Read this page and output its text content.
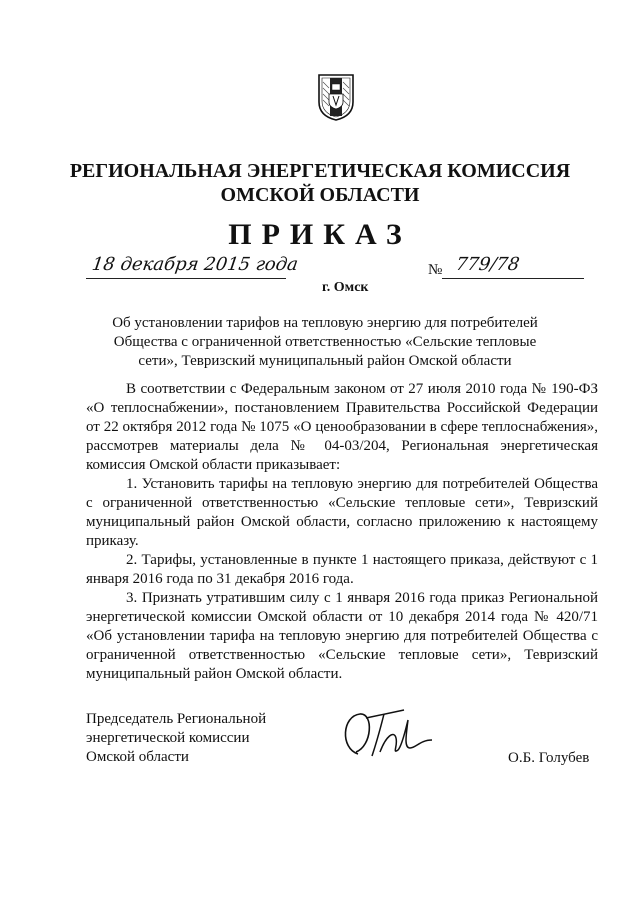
РЕГИОНАЛЬНАЯ ЭНЕРГЕТИЧЕСКАЯ КОМИССИЯ
ОМСКОЙ ОБЛАСТИ
ПРИКАЗ
18 декабря 2015 года
г. Омск
№ 779/78
Об установлении тарифов на тепловую энергию для потребителей
Общества с ограниченной ответственностью «Сельские тепловые
сети», Тевризский муниципальный район Омской области

В соответствии с Федеральным законом от 27 июля 2010 года № 190-ФЗ «О теплоснабжении», постановлением Правительства Российской Федерации от 22 октября 2012 года № 1075 «О ценообразовании в сфере теплоснабжения», рассмотрев материалы дела № 04-03/204, Региональная энергетическая комиссия Омской области приказывает:

1. Установить тарифы на тепловую энергию для потребителей Общества с ограниченной ответственностью «Сельские тепловые сети», Тевризский муниципальный район Омской области, согласно приложению к настоящему приказу.

2. Тарифы, установленные в пункте 1 настоящего приказа, действуют с 1 января 2016 года по 31 декабря 2016 года.

3. Признать утратившим силу с 1 января 2016 года приказ Региональной энергетической комиссии Омской области от 10 декабря 2014 года № 420/71 «Об установлении тарифа на тепловую энергию для потребителей Общества с ограниченной ответственностью «Сельские тепловые сети», Тевризский муниципальный район Омской области.

Председатель Региональной
энергетической комиссии
Омской области	О.Б. Голубев
